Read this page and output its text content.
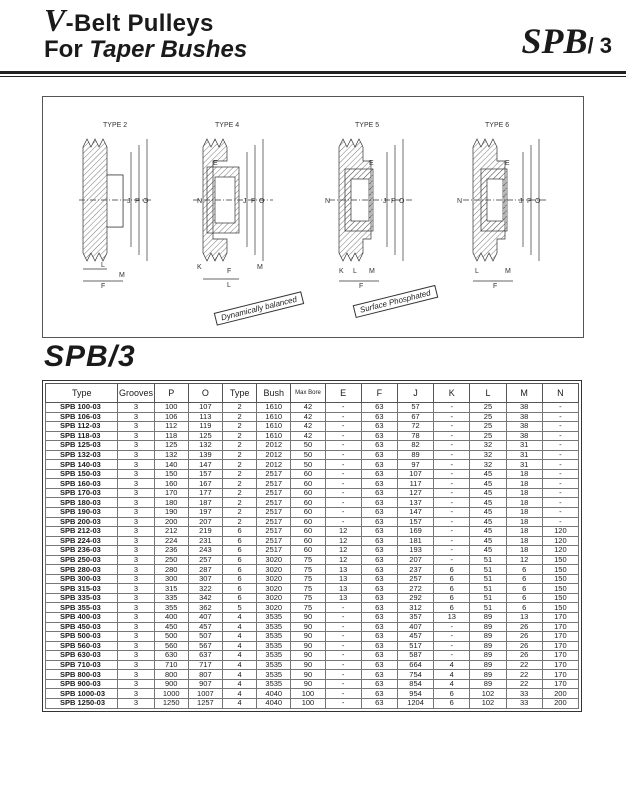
V-Belt Pulleys
For Taper Bushes	SPB/ 3
J P O
L
M
F
E
N	J P O
K
F
M
L
E
N	J P O
K L M
F
E
N	J P O
L	M
F
TYPE 2	TYPE 4	TYPE 5	TYPE 6
Dynamically balanced	Surface Phosphated
SPB/3
Type	Grooves	P	O	Type	Bush	Max Bore	E	F	J	K	L	M	N
SPB 100-03	3	100	107	2	1610	42	-	63	57	-	25	38	-
SPB 106-03	3	106	113	2	1610	42	-	63	67	-	25	38	-
SPB 112-03	3	112	119	2	1610	42	-	63	72	-	25	38	-
SPB 118-03	3	118	125	2	1610	42	-	63	78	-	25	38	-
SPB 125-03	3	125	132	2	2012	50	-	63	82	-	32	31	-
SPB 132-03	3	132	139	2	2012	50	-	63	89	-	32	31	-
SPB 140-03	3	140	147	2	2012	50	-	63	97	-	32	31	-
SPB 150-03	3	150	157	2	2517	60	-	63	107	-	45	18	-
SPB 160-03	3	160	167	2	2517	60	-	63	117	-	45	18	-
SPB 170-03	3	170	177	2	2517	60	-	63	127	-	45	18	-
SPB 180-03	3	180	187	2	2517	60	-	63	137	-	45	18	-
SPB 190-03	3	190	197	2	2517	60	-	63	147	-	45	18	-
SPB 200-03	3	200	207	2	2517	60	-	63	157	-	45	18	-
SPB 212-03	3	212	219	6	2517	60	12	63	169	-	45	18	120
SPB 224-03	3	224	231	6	2517	60	12	63	181	-	45	18	120
SPB 236-03	3	236	243	6	2517	60	12	63	193	-	45	18	120
SPB 250-03	3	250	257	6	3020	75	12	63	207	-	51	12	150
SPB 280-03	3	280	287	6	3020	75	13	63	237	6	51	6	150
SPB 300-03	3	300	307	6	3020	75	13	63	257	6	51	6	150
SPB 315-03	3	315	322	6	3020	75	13	63	272	6	51	6	150
SPB 335-03	3	335	342	6	3020	75	13	63	292	6	51	6	150
SPB 355-03	3	355	362	5	3020	75	-	63	312	6	51	6	150
SPB 400-03	3	400	407	4	3535	90	-	63	357	13	89	13	170
SPB 450-03	3	450	457	4	3535	90	-	63	407	-	89	26	170
SPB 500-03	3	500	507	4	3535	90	-	63	457	-	89	26	170
SPB 560-03	3	560	567	4	3535	90	-	63	517	-	89	26	170
SPB 630-03	3	630	637	4	3535	90	-	63	587	-	89	26	170
SPB 710-03	3	710	717	4	3535	90	-	63	664	4	89	22	170
SPB 800-03	3	800	807	4	3535	90	-	63	754	4	89	22	170
SPB 900-03	3	900	907	4	3535	90	-	63	854	4	89	22	170
SPB 1000-03	3	1000	1007	4	4040	100	-	63	954	6	102	33	200
SPB 1250-03	3	1250	1257	4	4040	100	-	63	1204	6	102	33	200
